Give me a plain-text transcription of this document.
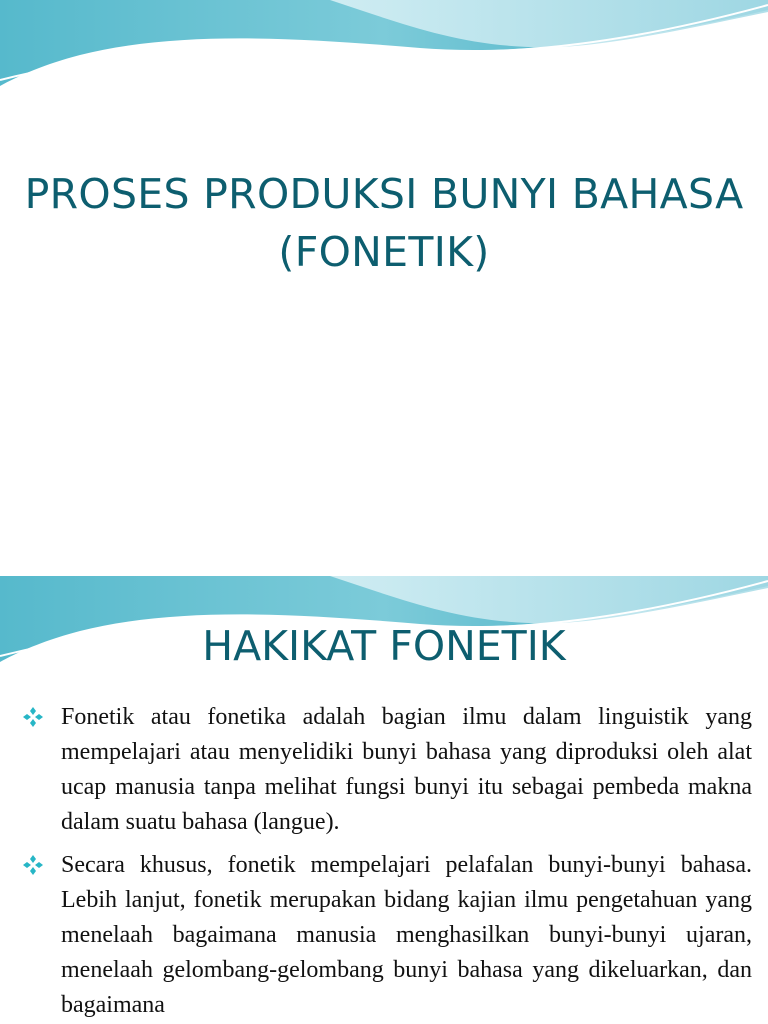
PROSES PRODUKSI BUNYI BAHASA
(FONETIK)
HAKIKAT FONETIK
Fonetik atau fonetika adalah bagian ilmu dalam linguistik yang mempelajari atau menyelidiki bunyi bahasa yang diproduksi oleh alat ucap manusia tanpa melihat fungsi bunyi itu sebagai pembeda makna dalam suatu bahasa (langue).
Secara khusus, fonetik mempelajari pelafalan bunyi-bunyi bahasa. Lebih lanjut, fonetik merupakan bidang kajian ilmu pengetahuan yang menelaah bagaimana manusia menghasilkan bunyi-bunyi ujaran, menelaah gelombang-gelombang bunyi bahasa yang dikeluarkan, dan bagaimana
